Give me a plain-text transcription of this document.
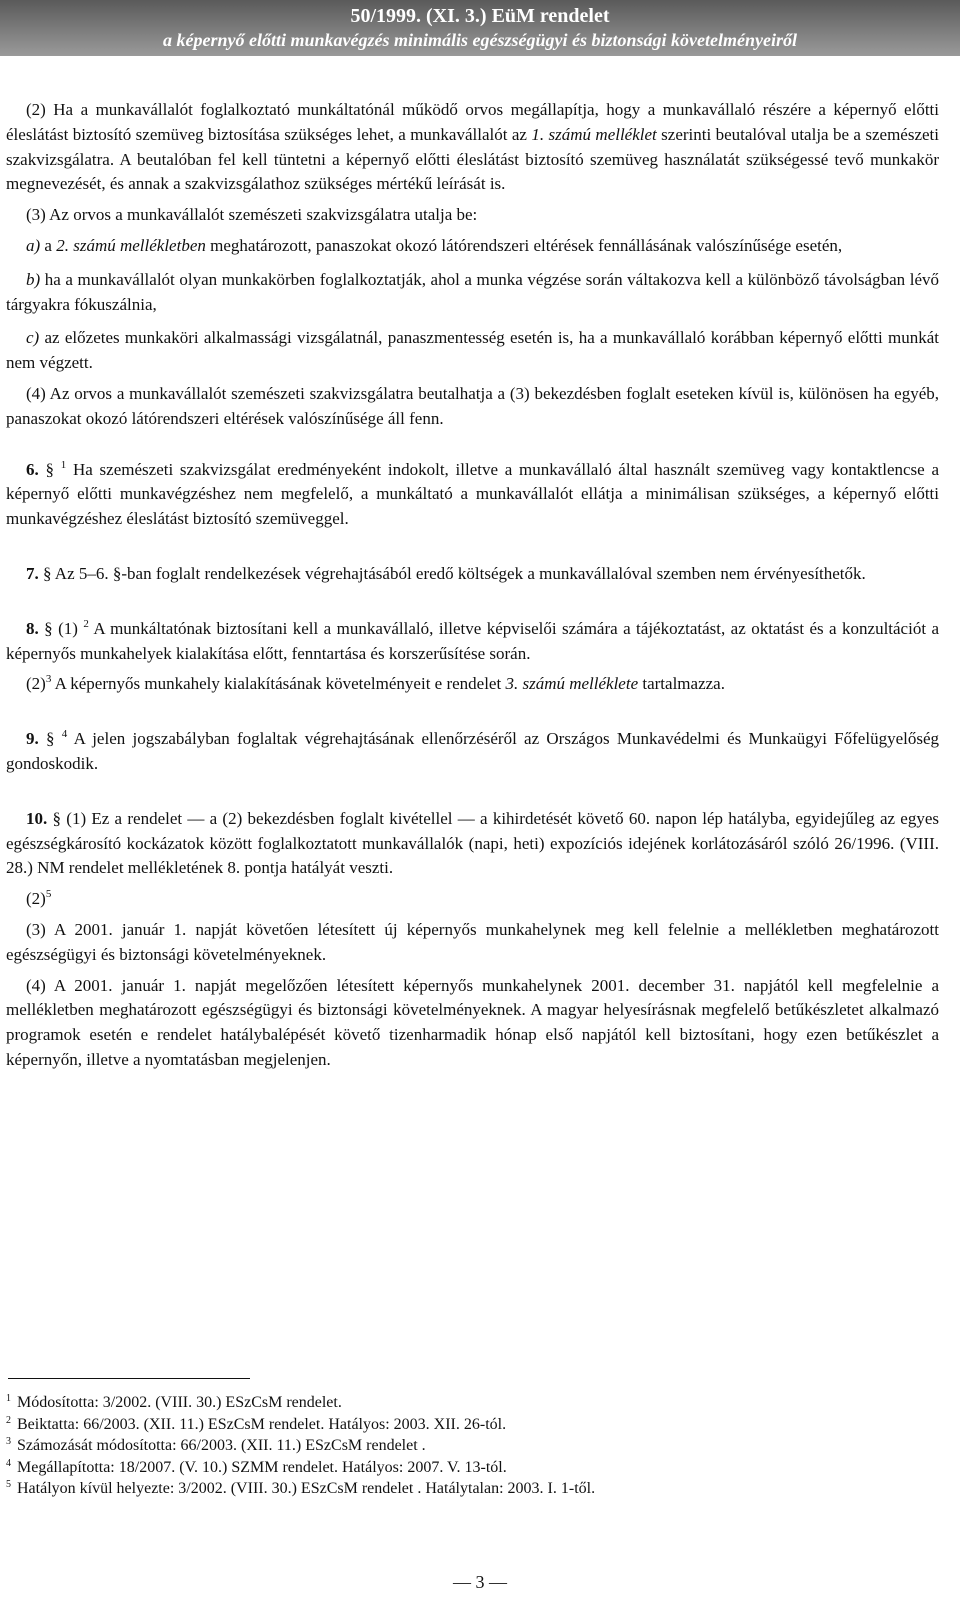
50/1999. (XI. 3.) EüM rendelet
a képernyő előtti munkavégzés minimális egészségügyi és biztonsági követelményeiről

(2) Ha a munkavállalót foglalkoztató munkáltatónál működő orvos megállapítja, hogy a munkavállaló részére a képernyő előtti éleslátást biztosító szemüveg biztosítása szükséges lehet, a munkavállalót az 1. számú melléklet szerinti beutalóval utalja be a szemészeti szakvizsgálatra. A beutalóban fel kell tüntetni a képernyő előtti éleslátást biztosító szemüveg használatát szükségessé tevő munkakör megnevezését, és annak a szakvizsgálathoz szükséges mértékű leírását is.

(3) Az orvos a munkavállalót szemészeti szakvizsgálatra utalja be:

a) a 2. számú mellékletben meghatározott, panaszokat okozó látórendszeri eltérések fennállásának valószínűsége esetén,

b) ha a munkavállalót olyan munkakörben foglalkoztatják, ahol a munka végzése során váltakozva kell a különböző távolságban lévő tárgyakra fókuszálnia,

c) az előzetes munkaköri alkalmassági vizsgálatnál, panaszmentesség esetén is, ha a munkavállaló korábban képernyő előtti munkát nem végzett.

(4) Az orvos a munkavállalót szemészeti szakvizsgálatra beutalhatja a (3) bekezdésben foglalt eseteken kívül is, különösen ha egyéb, panaszokat okozó látórendszeri eltérések valószínűsége áll fenn.

6. § $^1$ Ha szemészeti szakvizsgálat eredményeként indokolt, illetve a munkavállaló által használt szemüveg vagy kontaktlencse a képernyő előtti munkavégzéshez nem megfelelő, a munkáltató a munkavállalót ellátja a minimálisan szükséges, a képernyő előtti munkavégzéshez éleslátást biztosító szemüveggel.

7. § Az 5–6. §-ban foglalt rendelkezések végrehajtásából eredő költségek a munkavállalóval szemben nem érvényesíthetők.

8. § (1) $^2$ A munkáltatónak biztosítani kell a munkavállaló, illetve képviselői számára a tájékoztatást, az oktatást és a konzultációt a képernyős munkahelyek kialakítása előtt, fenntartása és korszerűsítése során.

$(2)^3$ A képernyős munkahely kialakításának követelményeit e rendelet 3. számú melléklete tartalmazza.

9. § $^4$ A jelen jogszabályban foglaltak végrehajtásának ellenőrzéséről az Országos Munkavédelmi és Munkaügyi Főfelügyelőség gondoskodik.

10. § (1) Ez a rendelet — a (2) bekezdésben foglalt kivétellel — a kihirdetését követő 60. napon lép hatályba, egyidejűleg az egyes egészségkárosító kockázatok között foglalkoztatott munkavállalók (napi, heti) expozíciós idejének korlátozásáról szóló 26/1996. (VIII. 28.) NM rendelet mellékletének 8. pontja hatályát veszti.

$(2)^5$

(3) A 2001. január 1. napját követően létesített új képernyős munkahelynek meg kell felelnie a mellékletben meghatározott egészségügyi és biztonsági követelményeknek.

(4) A 2001. január 1. napját megelőzően létesített képernyős munkahelynek 2001. december 31. napjától kell megfelelnie a mellékletben meghatározott egészségügyi és biztonsági követelményeknek. A magyar helyesírásnak megfelelő betűkészletet alkalmazó programok esetén e rendelet hatálybalépését követő tizenharmadik hónap első napjától kell biztosítani, hogy ezen betűkészlet a képernyőn, illetve a nyomtatásban megjelenjen.

$^1$ Módosította: 3/2002. (VIII. 30.) ESzCsM rendelet.

$^2$ Beiktatta: 66/2003. (XII. 11.) ESzCsM rendelet. Hatályos: 2003. XII. 26-tól.

$^3$ Számozását módosította: 66/2003. (XII. 11.) ESzCsM rendelet .

$^4$ Megállapította: 18/2007. (V. 10.) SZMM rendelet. Hatályos: 2007. V. 13-tól.

$^5$ Hatályon kívül helyezte: 3/2002. (VIII. 30.) ESzCsM rendelet . Hatálytalan: 2003. I. 1-től.

— 3 —
